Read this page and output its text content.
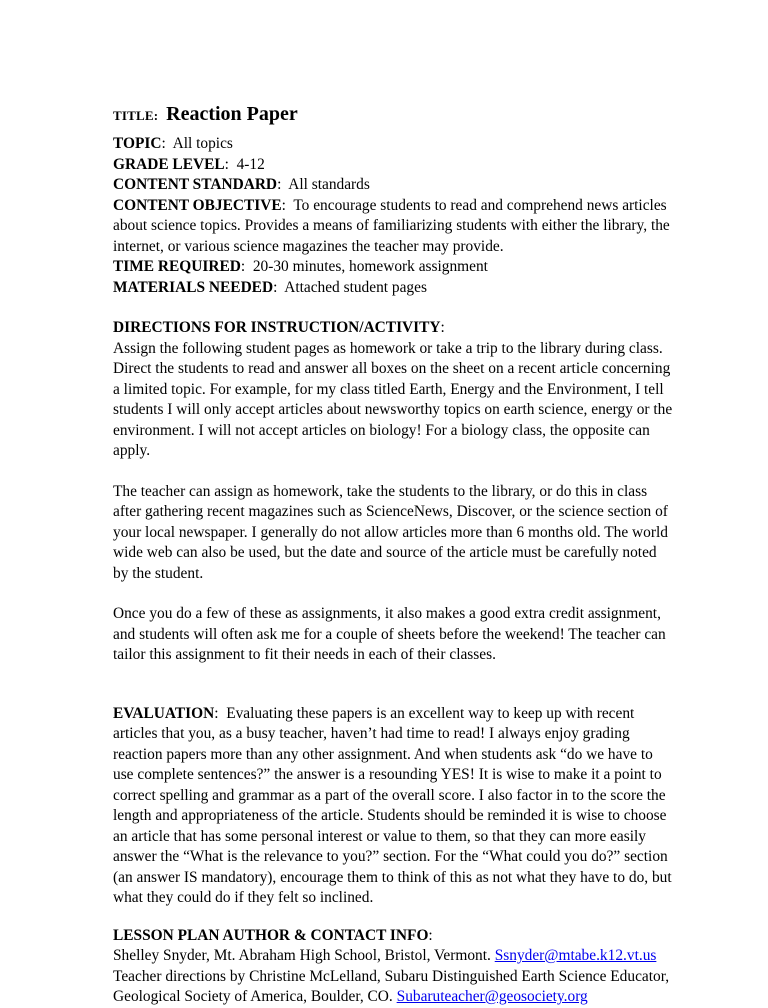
TITLE: Reaction Paper
TOPIC: All topics
GRADE LEVEL: 4-12
CONTENT STANDARD: All standards
CONTENT OBJECTIVE: To encourage students to read and comprehend news articles about science topics. Provides a means of familiarizing students with either the library, the internet, or various science magazines the teacher may provide.
TIME REQUIRED: 20-30 minutes, homework assignment
MATERIALS NEEDED: Attached student pages
DIRECTIONS FOR INSTRUCTION/ACTIVITY:

Assign the following student pages as homework or take a trip to the library during class. Direct the students to read and answer all boxes on the sheet on a recent article concerning a limited topic. For example, for my class titled Earth, Energy and the Environment, I tell students I will only accept articles about newsworthy topics on earth science, energy or the environment. I will not accept articles on biology! For a biology class, the opposite can apply.

The teacher can assign as homework, take the students to the library, or do this in class after gathering recent magazines such as ScienceNews, Discover, or the science section of your local newspaper. I generally do not allow articles more than 6 months old. The world wide web can also be used, but the date and source of the article must be carefully noted by the student.

Once you do a few of these as assignments, it also makes a good extra credit assignment, and students will often ask me for a couple of sheets before the weekend! The teacher can tailor this assignment to fit their needs in each of their classes.

EVALUATION: Evaluating these papers is an excellent way to keep up with recent articles that you, as a busy teacher, haven’t had time to read! I always enjoy grading reaction papers more than any other assignment. And when students ask “do we have to use complete sentences?” the answer is a resounding YES! It is wise to make it a point to correct spelling and grammar as a part of the overall score. I also factor in to the score the length and appropriateness of the article. Students should be reminded it is wise to choose an article that has some personal interest or value to them, so that they can more easily answer the “What is the relevance to you?” section. For the “What could you do?” section (an answer IS mandatory), encourage them to think of this as not what they have to do, but what they could do if they felt so inclined.

LESSON PLAN AUTHOR & CONTACT INFO:

Shelley Snyder, Mt. Abraham High School, Bristol, Vermont. Ssnyder@mtabe.k12.vt.us

Teacher directions by Christine McLelland, Subaru Distinguished Earth Science Educator, Geological Society of America, Boulder, CO. Subaruteacher@geosociety.org
